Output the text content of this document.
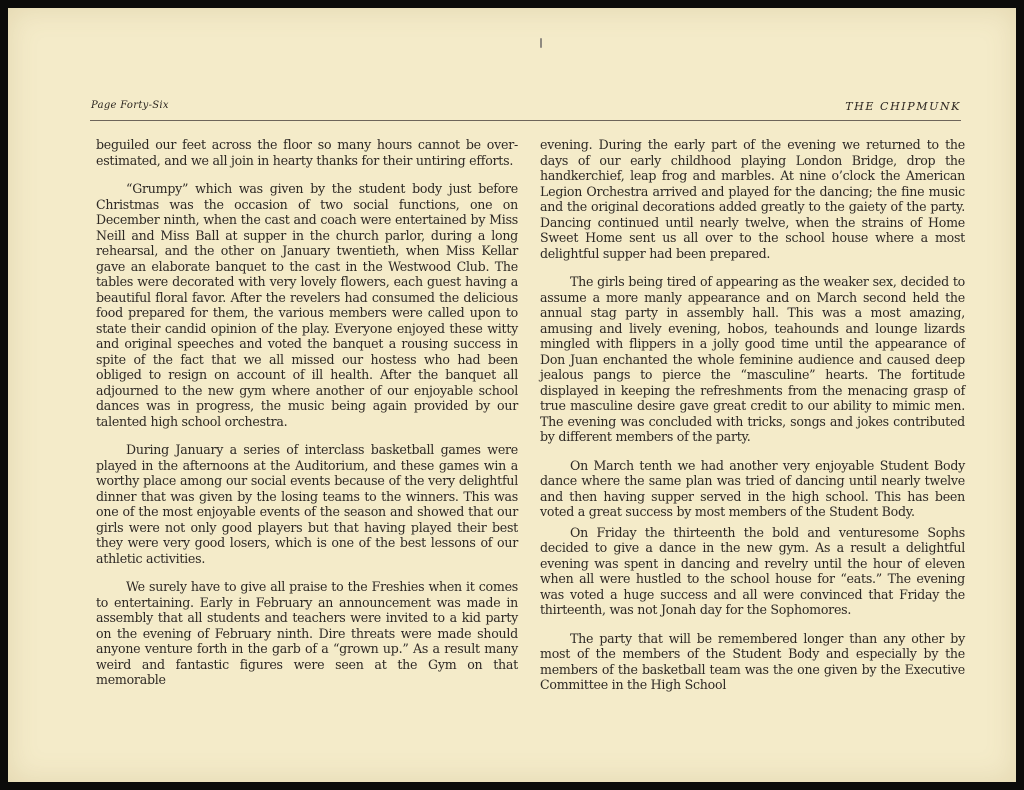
Page Forty-Six	THE CHIPMUNK

beguiled our feet across the floor so many hours cannot be over-estimated, and we all join in hearty thanks for their untiring efforts.

“Grumpy” which was given by the student body just before Christmas was the occasion of two social functions, one on December ninth, when the cast and coach were entertained by Miss Neill and Miss Ball at supper in the church parlor, during a long rehearsal, and the other on January twentieth, when Miss Kellar gave an elaborate banquet to the cast in the Westwood Club. The tables were decorated with very lovely flowers, each guest having a beautiful floral favor. After the revelers had consumed the delicious food prepared for them, the various members were called upon to state their candid opinion of the play. Everyone enjoyed these witty and original speeches and voted the banquet a rousing success in spite of the fact that we all missed our hostess who had been obliged to resign on account of ill health. After the banquet all adjourned to the new gym where another of our enjoyable school dances was in progress, the music being again provided by our talented high school orchestra.

During January a series of interclass basketball games were played in the afternoons at the Auditorium, and these games win a worthy place among our social events because of the very delightful dinner that was given by the losing teams to the winners. This was one of the most enjoyable events of the season and showed that our girls were not only good players but that having played their best they were very good losers, which is one of the best lessons of our athletic activities.

We surely have to give all praise to the Freshies when it comes to entertaining. Early in February an announcement was made in assembly that all students and teachers were invited to a kid party on the evening of February ninth. Dire threats were made should anyone venture forth in the garb of a “grown up.” As a result many weird and fantastic figures were seen at the Gym on that memorable

evening. During the early part of the evening we returned to the days of our early childhood playing London Bridge, drop the handkerchief, leap frog and marbles. At nine o’clock the American Legion Orchestra arrived and played for the dancing; the fine music and the original decorations added greatly to the gaiety of the party. Dancing continued until nearly twelve, when the strains of Home Sweet Home sent us all over to the school house where a most delightful supper had been prepared.

The girls being tired of appearing as the weaker sex, decided to assume a more manly appearance and on March second held the annual stag party in assembly hall. This was a most amazing, amusing and lively evening, hobos, teahounds and lounge lizards mingled with flippers in a jolly good time until the appearance of Don Juan enchanted the whole feminine audience and caused deep jealous pangs to pierce the “masculine” hearts. The fortitude displayed in keeping the refreshments from the menacing grasp of true masculine desire gave great credit to our ability to mimic men. The evening was concluded with tricks, songs and jokes contributed by different members of the party.

On March tenth we had another very enjoyable Student Body dance where the same plan was tried of dancing until nearly twelve and then having supper served in the high school. This has been voted a great success by most members of the Student Body.

On Friday the thirteenth the bold and venturesome Sophs decided to give a dance in the new gym. As a result a delightful evening was spent in dancing and revelry until the hour of eleven when all were hustled to the school house for “eats.” The evening was voted a huge success and all were convinced that Friday the thirteenth, was not Jonah day for the Sophomores.

The party that will be remembered longer than any other by most of the members of the Student Body and especially by the members of the basketball team was the one given by the Executive Committee in the High School
